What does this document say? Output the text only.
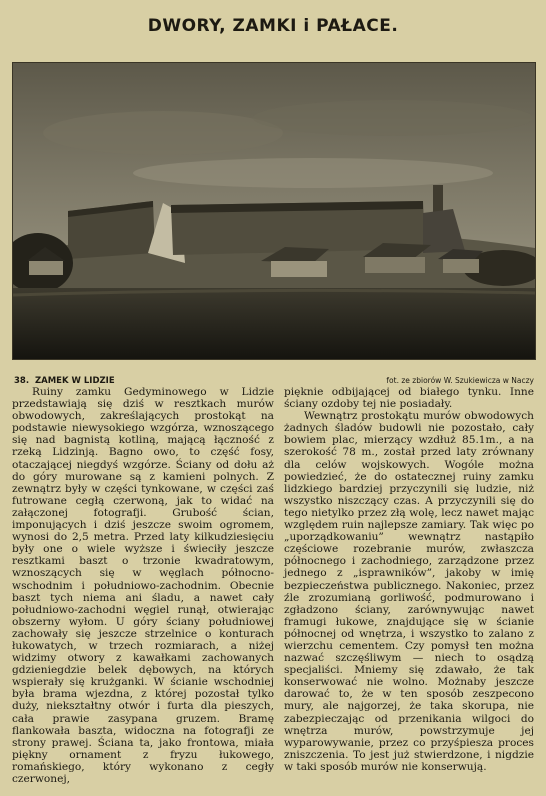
DWORY, ZAMKI i PAŁACE.
38. ZAMEK W LIDZIE	fot. ze zbiorów W. Szukiewicza w Naczy

Ruiny zamku Gedyminowego w Lidzie przedstawiają się dziś w resztkach murów obwodowych, zakreślających prostokąt na podstawie niewysokiego wzgórza, wznoszącego się nad bagnistą kotliną, mającą łączność z rzeką Lidzinją. Bagno owo, to część fosy, otaczającej niegdyś wzgórze. Ściany od dołu aż do góry murowane są z kamieni polnych. Z zewnątrz były w części tynkowane, w części zaś futrowane cegłą czerwoną, jak to widać na załączonej fotografji. Grubość ścian, imponujących i dziś jeszcze swoim ogromem, wynosi do 2,5 metra. Przed laty kilkudziesięciu były one o wiele wyższe i świeciły jeszcze resztkami baszt o trzonie kwadratowym, wznoszących się w węglach północno-wschodnim i południowo-zachodnim. Obecnie baszt tych niema ani śladu, a nawet cały południowo-zachodni węgiel runął, otwierając obszerny wyłom. U góry ściany południowej zachowały się jeszcze strzelnice o konturach łukowatych, w trzech rozmiarach, a niżej widzimy otwory z kawałkami zachowanych gdzieniegdzie belek dębowych, na których wspierały się krużganki. W ścianie wschodniej była brama wjezdna, z której pozostał tylko duży, niekształtny otwór i furta dla pieszych, cała prawie zasypana gruzem. Bramę flankowała baszta, widoczna na fotografji ze strony prawej. Ściana ta, jako frontowa, miała piękny ornament z fryzu łukowego, romańskiego, który wykonano z cegły czerwonej,

pięknie odbijającej od białego tynku. Inne ściany ozdoby tej nie posiadały.

Wewnątrz prostokątu murów obwodowych żadnych śladów budowli nie pozostało, cały bowiem plac, mierzący wzdłuż 85.1m., a na szerokość 78 m., został przed laty zrównany dla celów wojskowych. Wogóle można powiedzieć, że do ostatecznej ruiny zamku lidzkiego bardziej przyczynili się ludzie, niż wszystko niszczący czas. A przyczynili się do tego nietylko przez złą wolę, lecz nawet mając względem ruin najlepsze zamiary. Tak więc po „uporządkowaniu” wewnątrz nastąpiło częściowe rozebranie murów, zwłaszcza północnego i zachodniego, zarządzone przez jednego z „isprawników”, jakoby w imię bezpieczeństwa publicznego. Nakoniec, przez źle zrozumianą gorliwość, podmurowano i zgładzono ściany, zarównywując nawet framugi łukowe, znajdujące się w ścianie północnej od wnętrza, i wszystko to zalano z wierzchu cementem. Czy pomysł ten można nazwać szczęśliwym — niech to osądzą specjaliści. Mniemy się zdawało, że tak konserwować nie wolno. Możnaby jeszcze darować to, że w ten sposób zeszpecono mury, ale najgorzej, że taka skorupa, nie zabezpieczając od przenikania wilgoci do wnętrza murów, powstrzymuje jej wyparowywanie, przez co przyśpiesza proces zniszczenia. To jest już stwierdzone, i nigdzie w taki sposób murów nie konserwują.
